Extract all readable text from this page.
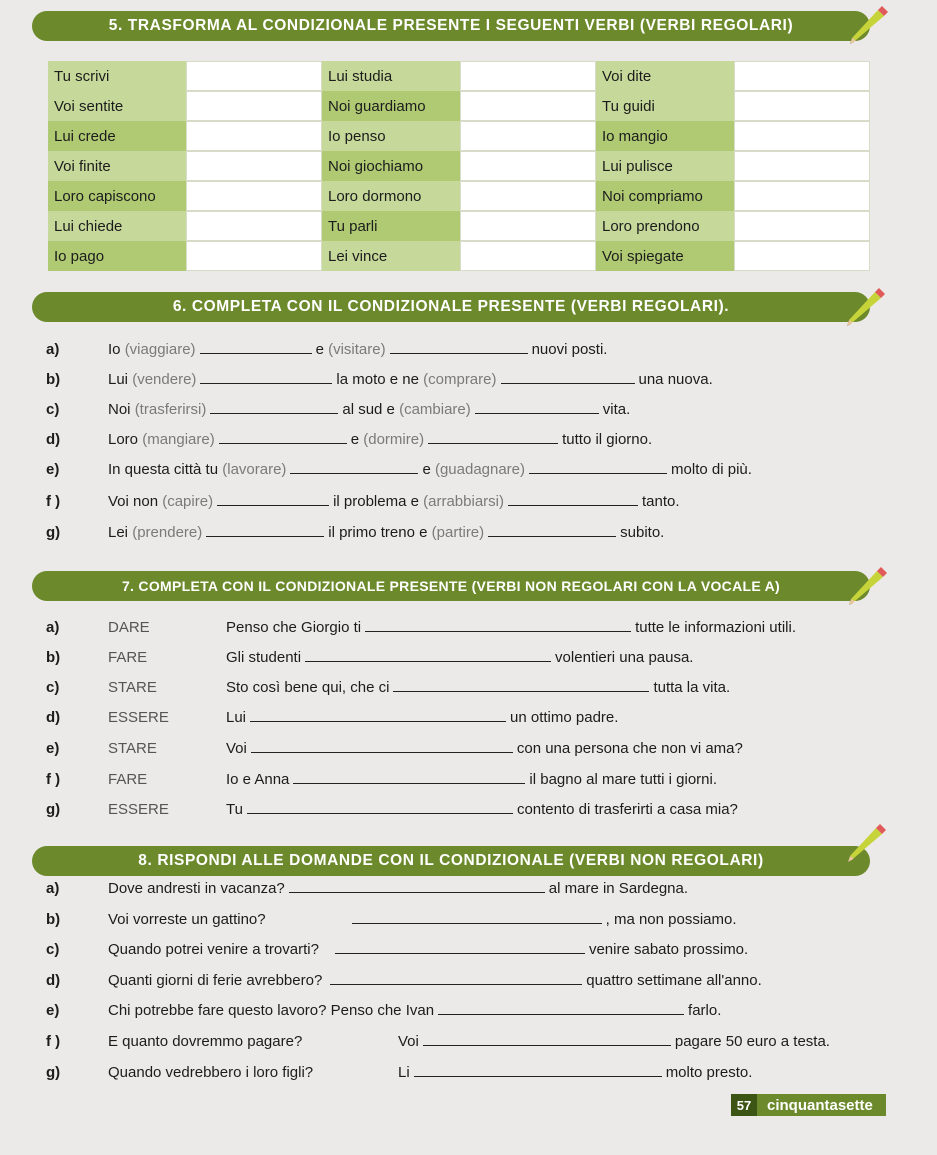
5. TRASFORMA AL CONDIZIONALE PRESENTE I SEGUENTI VERBI (VERBI REGOLARI)
Tu scrivi	Lui studia	Voi dite
Voi sentite	Noi guardiamo	Tu guidi
Lui crede	Io penso	Io mangio
Voi finite	Noi giochiamo	Lui pulisce
Loro capiscono	Loro dormono	Noi compriamo
Lui chiede	Tu parli	Loro prendono
Io pago	Lei vince	Voi spiegate
6. COMPLETA CON IL CONDIZIONALE PRESENTE (VERBI REGOLARI).
a)	Io
(viaggiare)	e
(visitare)	nuovi posti.
b)	Lui
(vendere)	la moto e ne
(comprare)	una nuova.
c)	Noi
(trasferirsi)	al sud e
(cambiare)	vita.
d)	Loro
(mangiare)	e
(dormire)	tutto il giorno.
e)	In questa città tu
(lavorare)	e
(guadagnare)	molto di più.
f )	Voi non
(capire)	il problema e
(arrabbiarsi)	tanto.
g)	Lei
(prendere)	il primo treno e
(partire)	subito.
7. COMPLETA CON IL CONDIZIONALE PRESENTE (VERBI NON REGOLARI CON LA VOCALE A)
a)	DARE	Penso che Giorgio ti	tutte le informazioni utili.
b)	FARE	Gli studenti	volentieri una pausa.
c)	STARE	Sto così bene qui, che ci	tutta la vita.
d)	ESSERE	Lui	un ottimo padre.
e)	STARE	Voi	con una persona che non vi ama?
f )	FARE	Io e Anna	il bagno al mare tutti i giorni.
g)	ESSERE	Tu	contento di trasferirti a casa mia?
8. RISPONDI ALLE DOMANDE CON IL CONDIZIONALE (VERBI NON REGOLARI)
a)	Dove andresti in vacanza?	al mare in Sardegna.
b)	Voi vorreste un gattino?	, ma non possiamo.
c)	Quando potrei venire a trovarti?	venire sabato prossimo.
d)	Quanti giorni di ferie avrebbero?	quattro settimane all'anno.
e)	Chi potrebbe fare questo lavoro? Penso che Ivan	farlo.
f )	E quanto dovremmo pagare?	Voi	pagare 50 euro a testa.
g)	Quando vedrebbero i loro figli?	Li	molto presto.
57	cinquantasette
